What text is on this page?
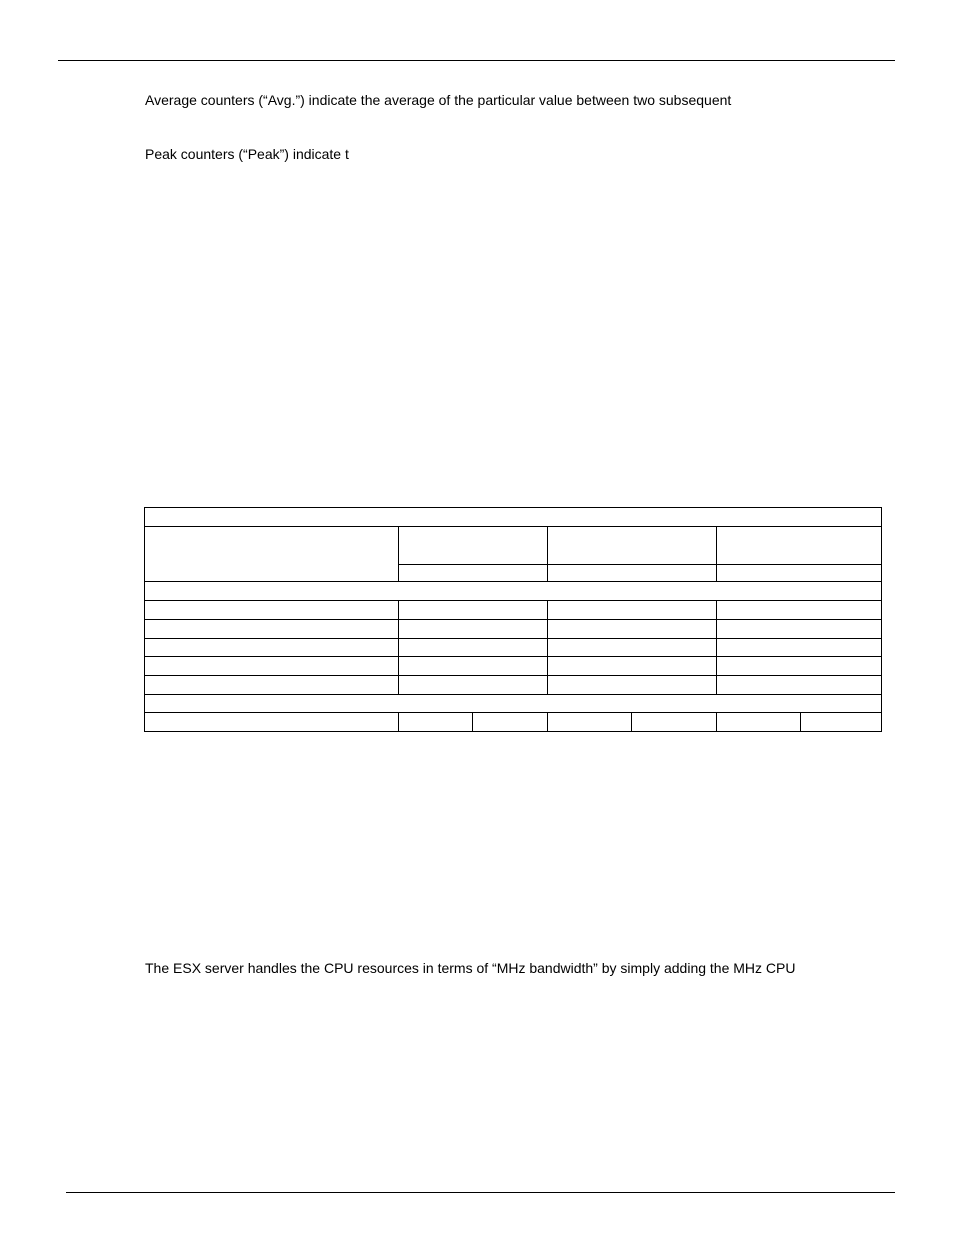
Average counters (“Avg.”) indicate the average of the particular value between two subsequent
Peak counters (“Peak”) indicate t
The ESX server handles the CPU resources in terms of “MHz bandwidth” by simply adding the MHz CPU
